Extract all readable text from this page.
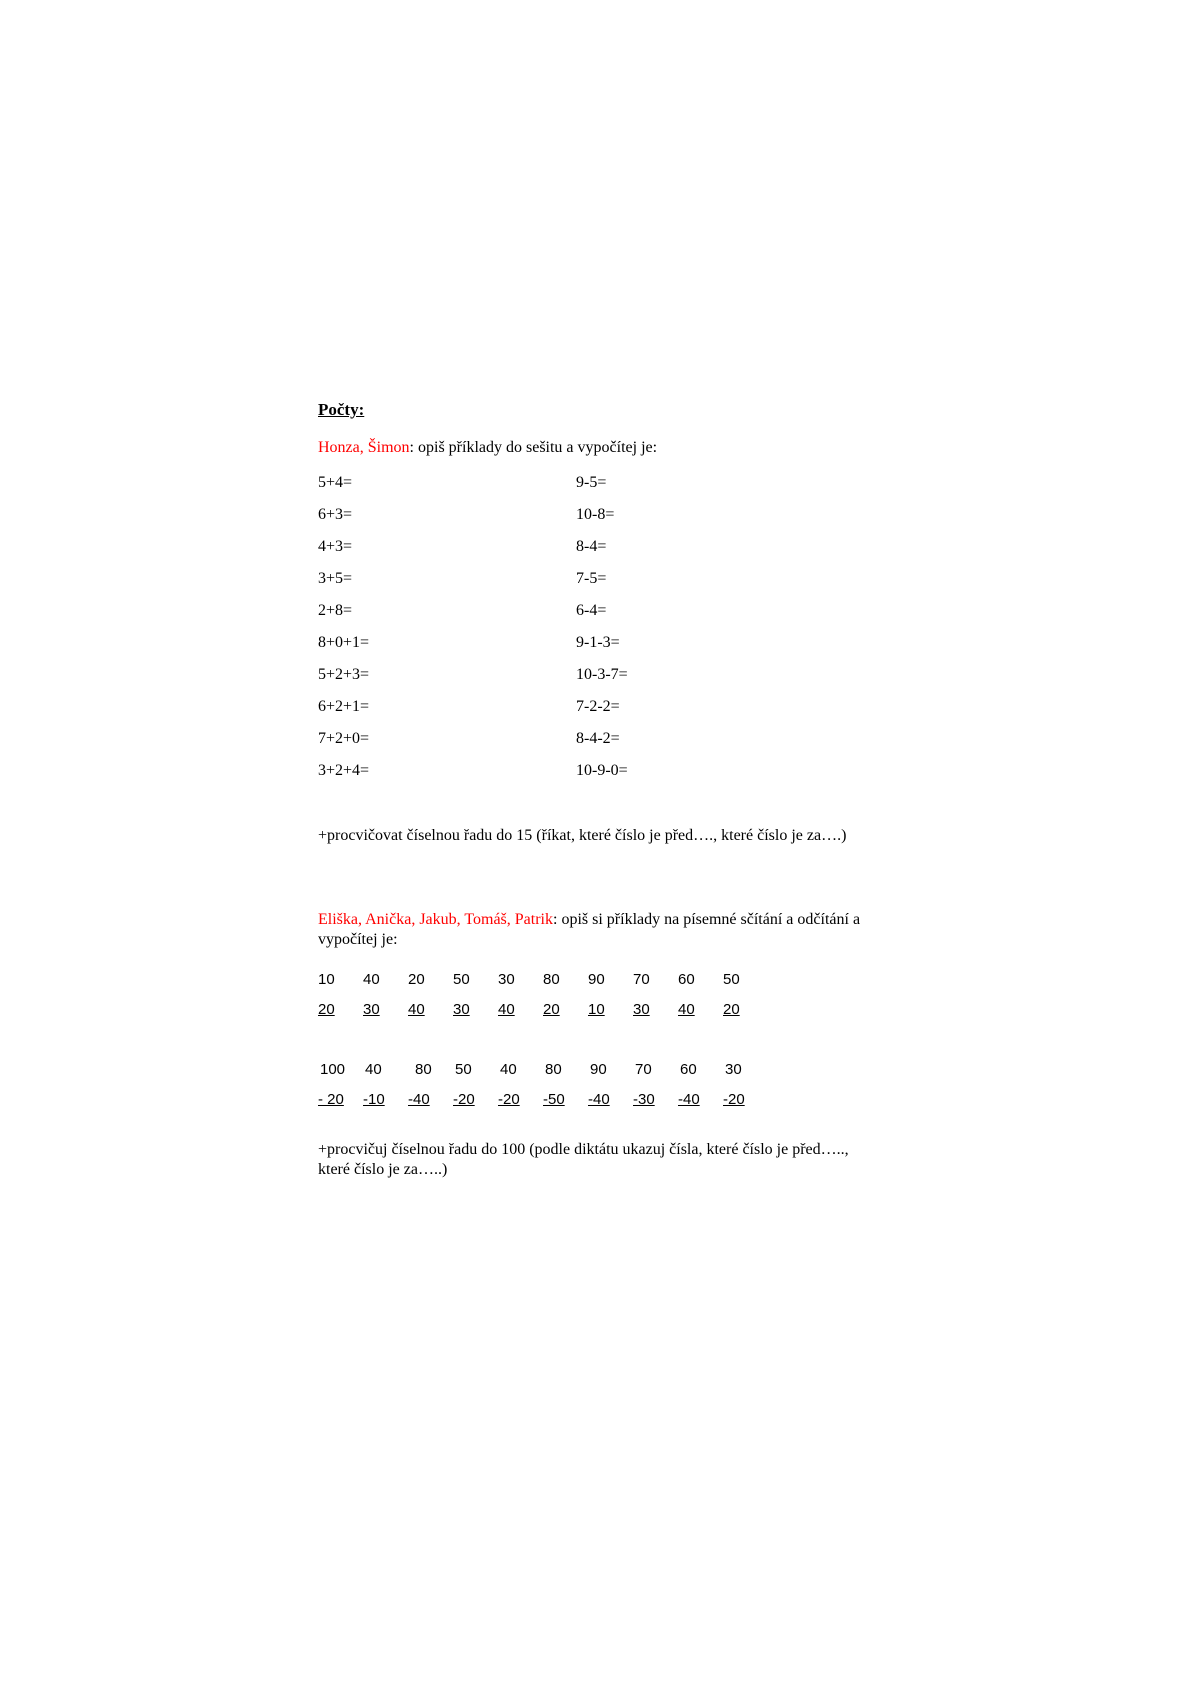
Počty:
Honza, Šimon: opiš příklady do sešitu a vypočítej je:
5+4=
6+3=
4+3=
3+5=
2+8=
8+0+1=
5+2+3=
6+2+1=
7+2+0=
3+2+4=
9-5=
10-8=
8-4=
7-5=
6-4=
9-1-3=
10-3-7=
7-2-2=
8-4-2=
10-9-0=
+procvičovat číselnou řadu do 15 (říkat, které číslo je před…., které číslo je za….)
Eliška, Anička, Jakub, Tomáš, Patrik: opiš si příklady na písemné sčítání a odčítání a vypočítej je:
10 40 20 50 30 80 90 70 60 50
20 30 40 30 40 20 10 30 40 20
100 40 80 50 40 80 90 70 60 30
- 20 -10 -40 -20 -20 -50 -40 -30 -40 -20
+procvičuj číselnou řadu do 100 (podle diktátu ukazuj čísla, které číslo je před….., které číslo je za…..)
